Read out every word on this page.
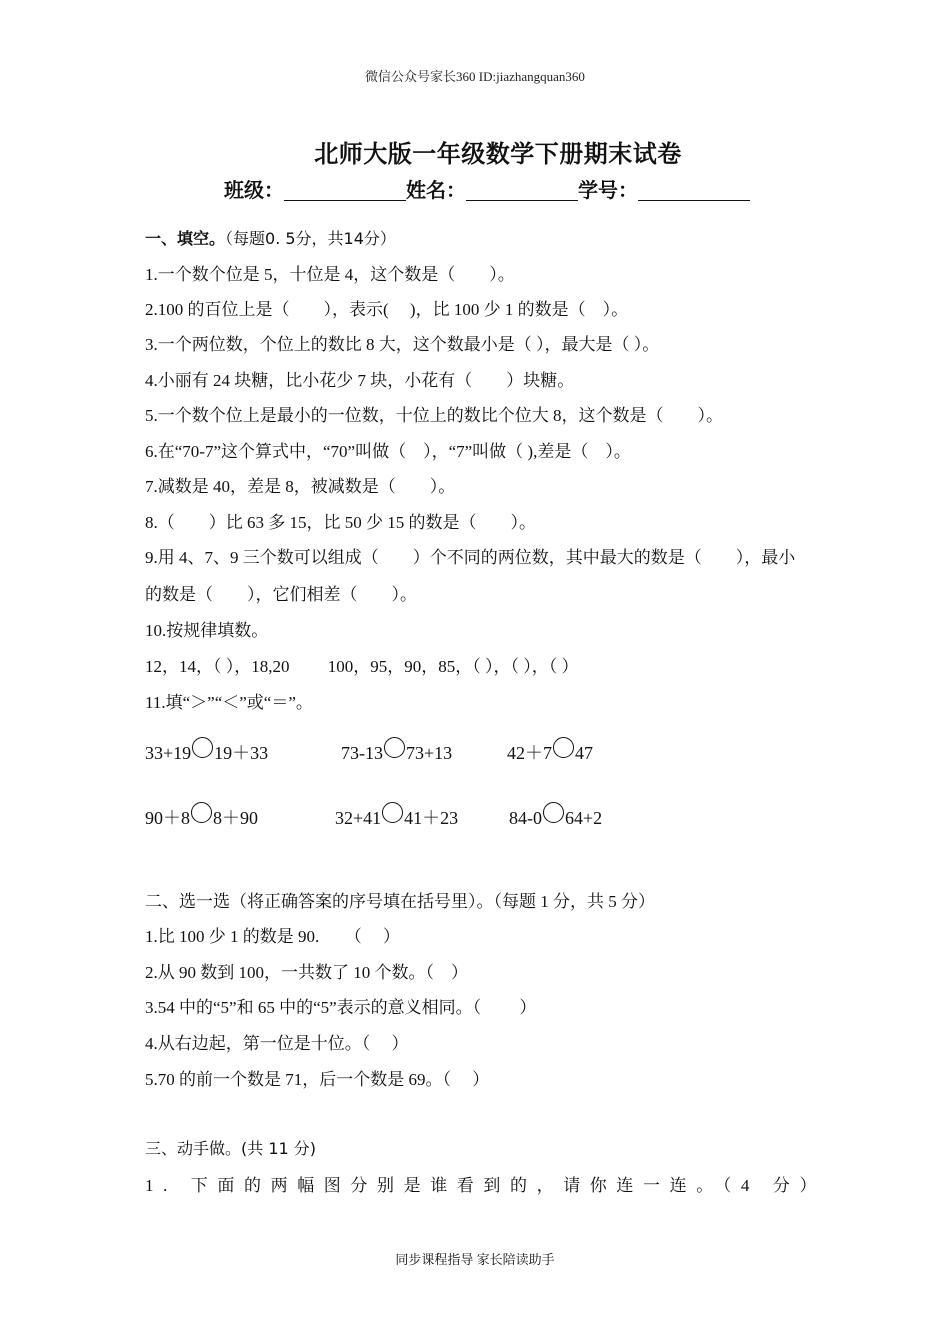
微信公众号家长360 ID:jiazhangquan360
北师大版一年级数学下册期末试卷
班级：	姓名：	学号：
一、填空。（每题0. 5分，共14分）
1.一个数个位是 5，十位是 4，这个数是（　　）。
2.100 的百位上是（　　），表示(　 )，比 100 少 1 的数是（　）。
3.一个两位数，个位上的数比 8 大，这个数最小是（ ），最大是（ ）。
4.小丽有 24 块糖，比小花少 7 块，小花有（　　）块糖。
5.一个数个位上是最小的一位数，十位上的数比个位大 8，这个数是（　　）。
6.在“70-7”这个算式中，“70”叫做（　），“7”叫做（ ),差是（　）。
7.减数是 40，差是 8，被减数是（　　）。
8.（　　）比 63 多 15，比 50 少 15 的数是（　　）。
9.用 4、7、9 三个数可以组成（　　）个不同的两位数，其中最大的数是（　　），最小
的数是（　　），它们相差（　　）。
10.按规律填数。
12，14，（ ），18,20　　 100，95，90，85，（ ），（ ），（ ）
11.填“＞”“＜”或“＝”。
33+19 19＋33	73-13 73+13	42＋7 47
90＋8 8＋90	32+41 41＋23	84-0 64+2
二、选一选（将正确答案的序号填在括号里）。（每题 1 分，共 5 分）
1.比 100 少 1 的数是 90.　　（　 ）
2.从 90 数到 100，一共数了 10 个数。（　）
3.54 中的“5”和 65 中的“5”表示的意义相同。（　　 ）
4.从右边起，第一位是十位。（　 ）
5.70 的前一个数是 71，后一个数是 69。（　 ）
三、动手做。(共 11 分)
1. 下面的两幅图分别是谁看到的，请你连一连。（4 分）
同步课程指导 家长陪读助手
